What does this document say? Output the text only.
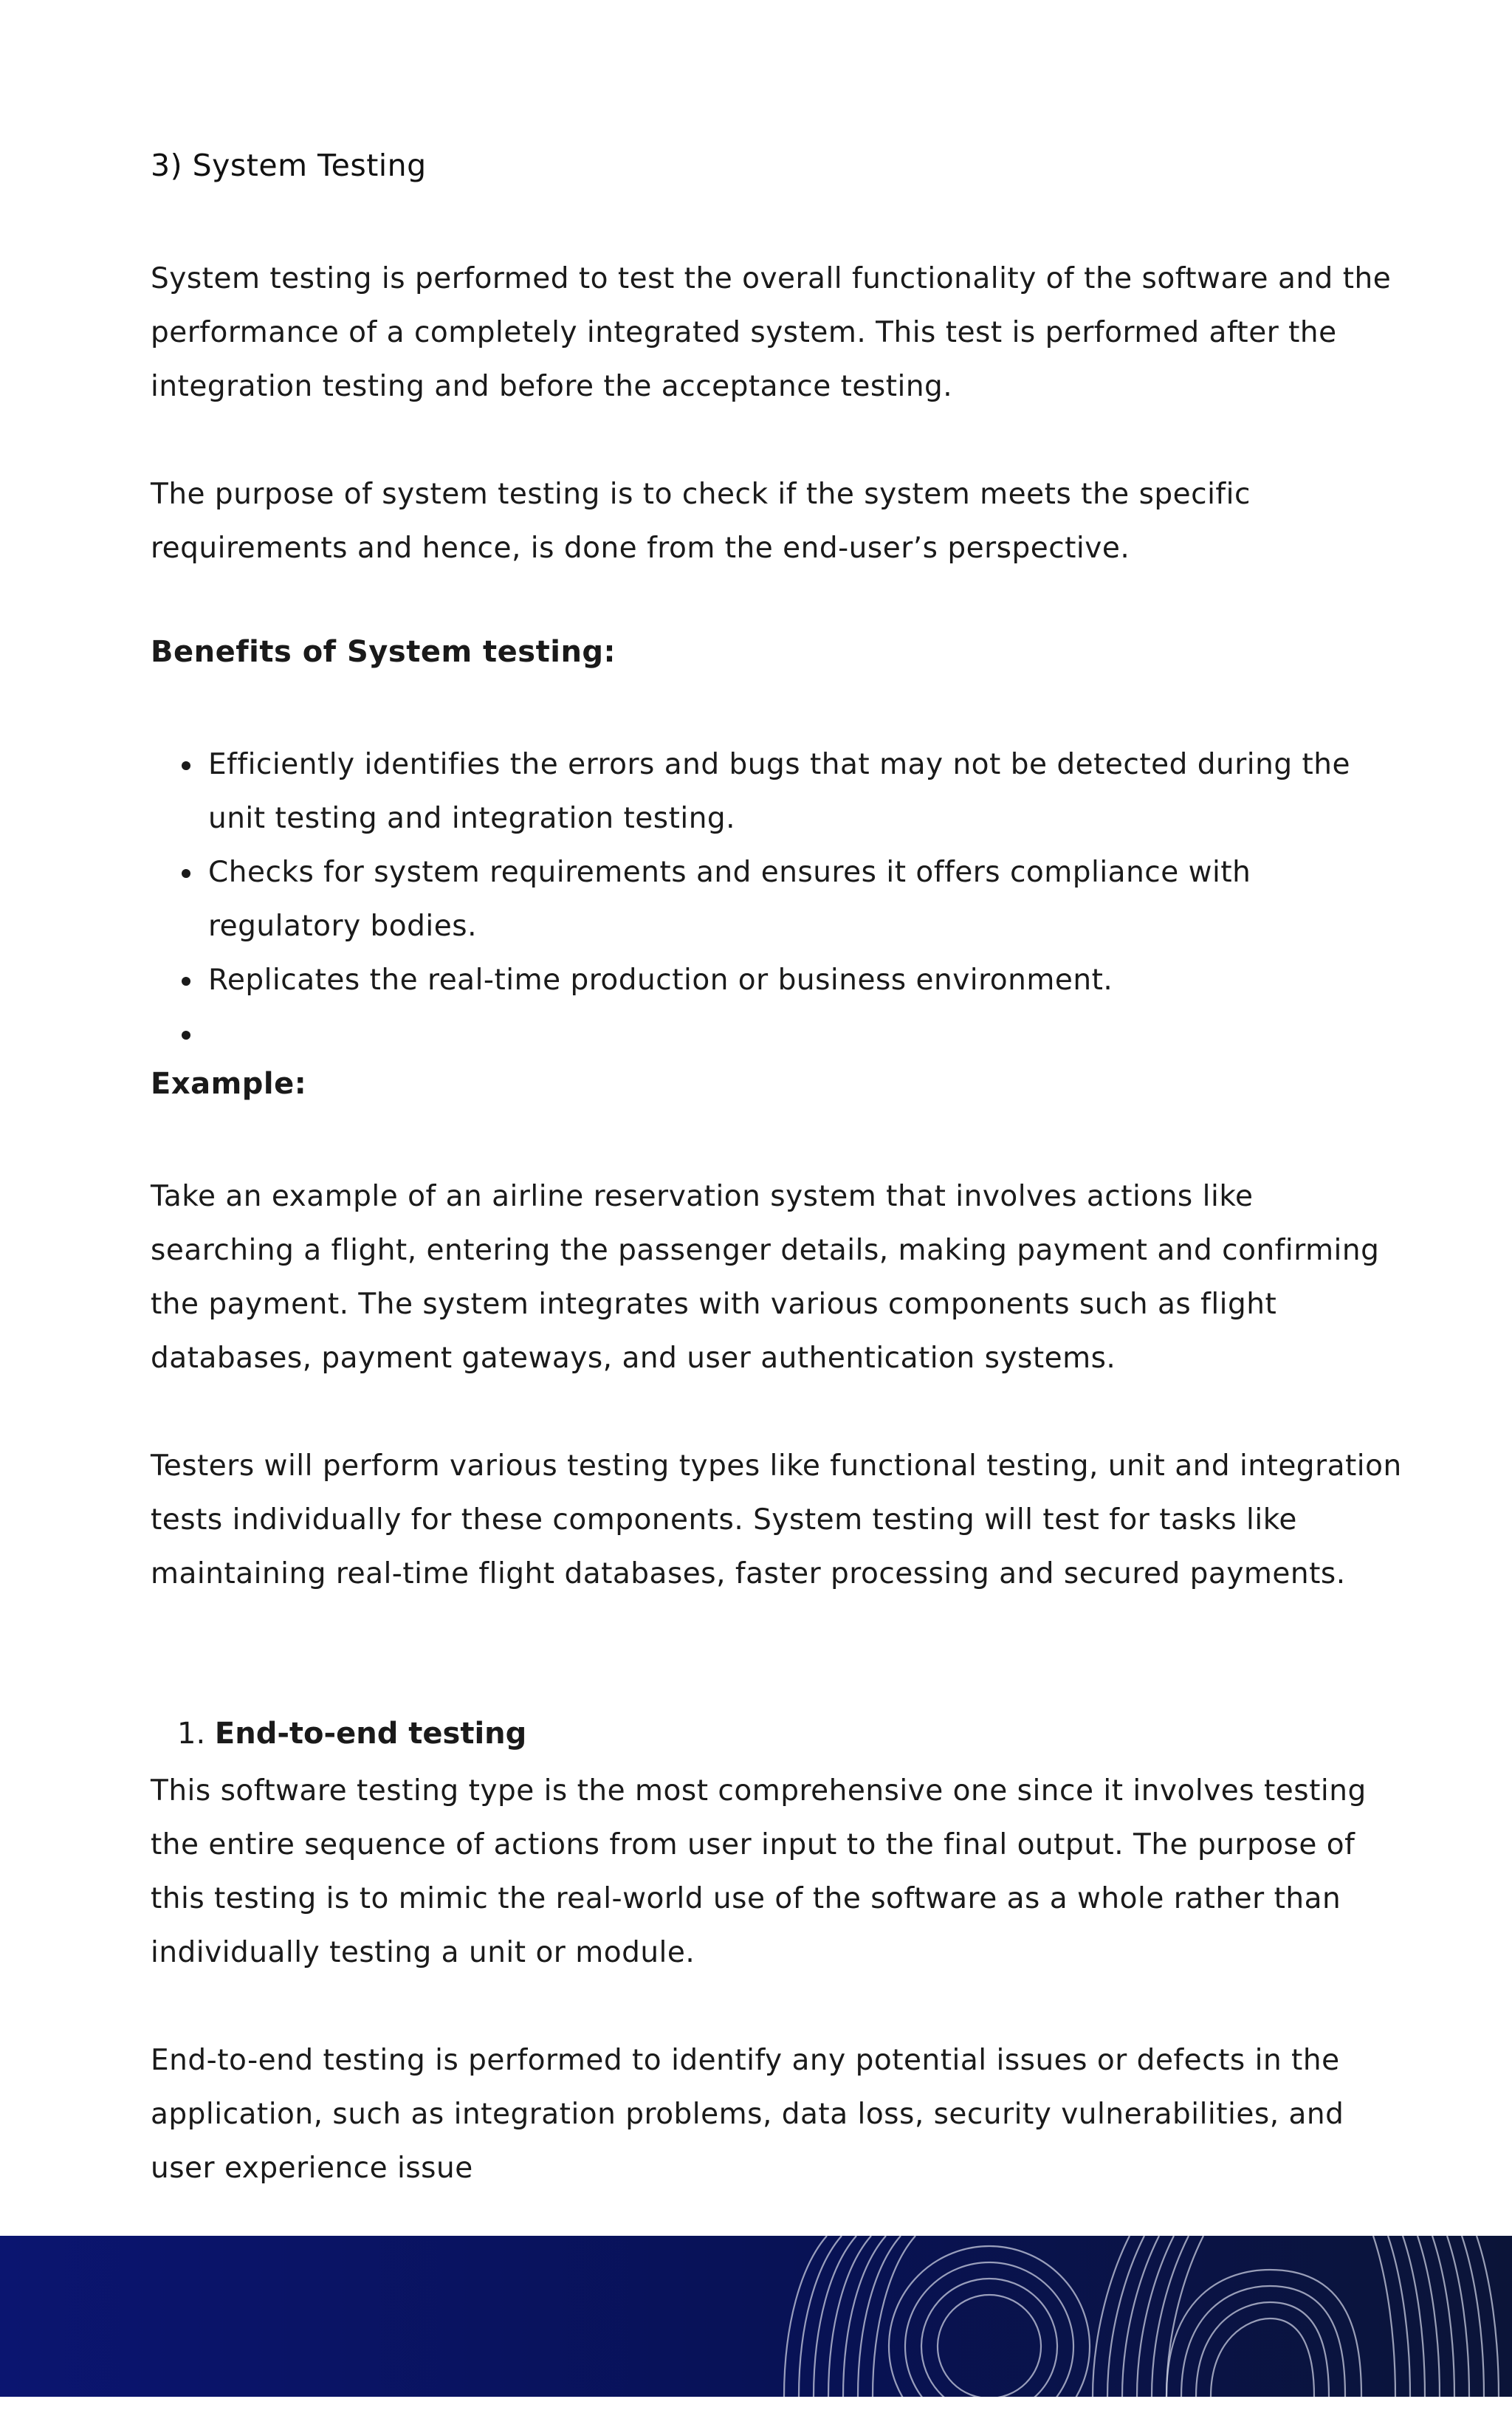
3) System Testing

System testing is performed to test the overall functionality of the software and the performance of a completely integrated system. This test is performed after the integration testing and before the acceptance testing.

The purpose of system testing is to check if the system meets the specific requirements and hence, is done from the end-user’s perspective.

Benefits of System testing:
Efficiently identifies the errors and bugs that may not be detected during the unit testing and integration testing.
Checks for system requirements and ensures it offers compliance with regulatory bodies.
Replicates the real-time production or business environment.
Example:

Take an example of an airline reservation system that involves actions like searching a flight, entering the passenger details, making payment and confirming the payment. The system integrates with various components such as flight databases, payment gateways, and user authentication systems.

Testers will perform various testing types like functional testing, unit and integration tests individually for these components. System testing will test for tasks like maintaining real-time flight databases, faster processing and secured payments.

1. End-to-end testing

This software testing type is the most comprehensive one since it involves testing the entire sequence of actions from user input to the final output. The purpose of this testing is to mimic the real-world use of the software as a whole rather than individually testing a unit or module.

End-to-end testing is performed to identify any potential issues or defects in the application, such as integration problems, data loss, security vulnerabilities, and user experience issue
